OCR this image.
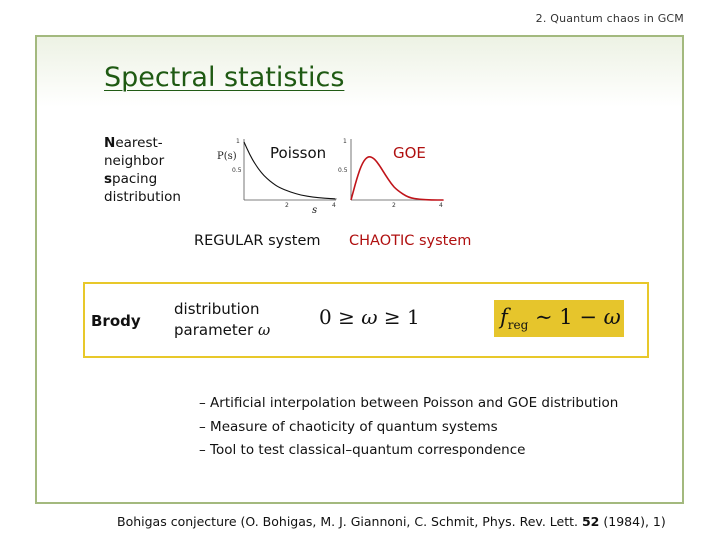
2. Quantum chaos in GCM
Spectral statistics
Nearest-
neighbor
spacing
distribution
P(s)
1
0.5
2	4
s
1
0.5
2	4
Poisson	GOE
REGULAR system CHAOTIC system
Brody
distribution
parameter ω
0 ≥ ω ≥ 1	$f_{reg}$ ∼ 1 − ω
– Artificial interpolation between Poisson and GOE distribution
– Measure of chaoticity of quantum systems
– Tool to test classical–quantum correspondence
Bohigas conjecture (O. Bohigas, M. J. Giannoni, C. Schmit, Phys. Rev. Lett. 52 (1984), 1)
